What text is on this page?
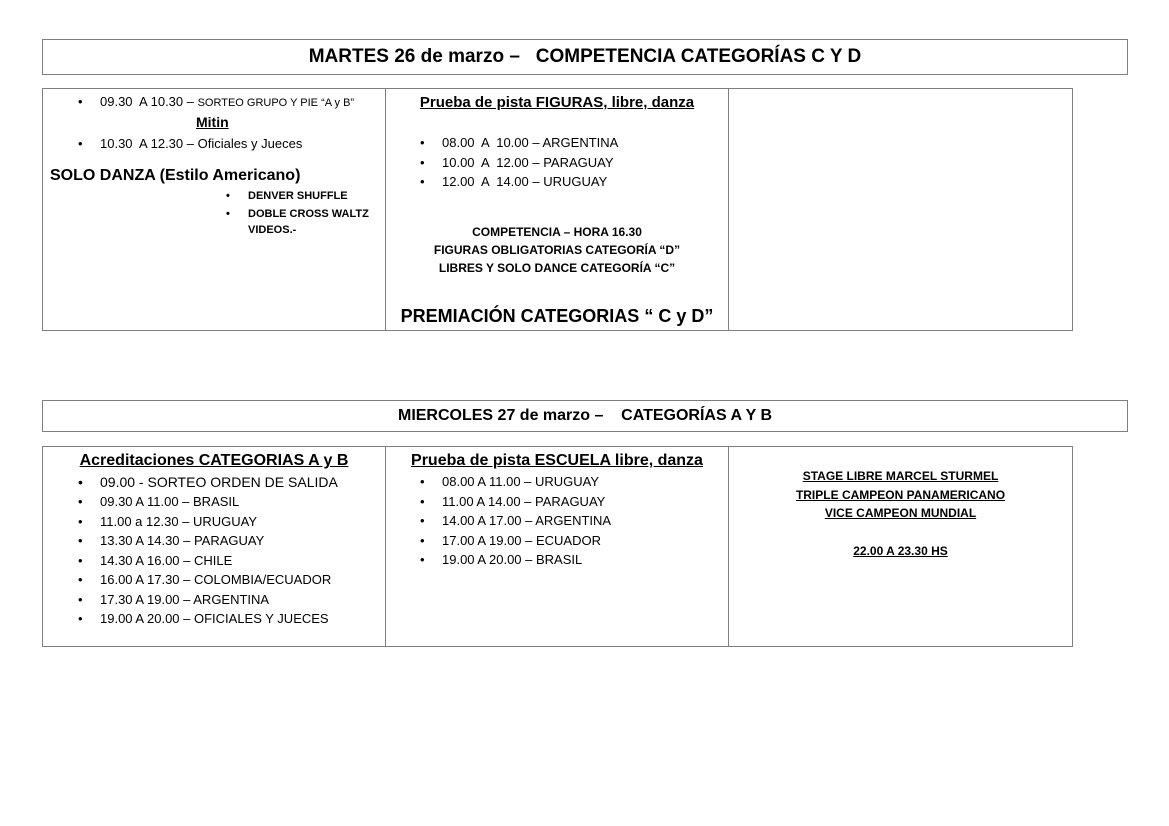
MARTES 26 de marzo –   COMPETENCIA CATEGORÍAS C Y D
• 09.30  A 10.30 – SORTEO GRUPO Y PIE “A y B”
Mitin
• 10.30  A 12.30 – Oficiales y Jueces
SOLO DANZA (Estilo Americano)
• DENVER SHUFFLE
• DOBLE CROSS WALTZ
VIDEOS.-

Prueba de pista FIGURAS, libre, danza
• 08.00  A  10.00 – ARGENTINA
• 10.00  A  12.00 – PARAGUAY
• 12.00  A  14.00 – URUGUAY
COMPETENCIA – HORA 16.30
FIGURAS OBLIGATORIAS CATEGORÍA “D”
LIBRES Y SOLO DANCE CATEGORÍA “C”
PREMIACIÓN CATEGORIAS “ C y D”

MIERCOLES 27 de marzo –    CATEGORÍAS A Y B
Acreditaciones CATEGORIAS A y B
• 09.00 - SORTEO ORDEN DE SALIDA
• 09.30 A 11.00 – BRASIL
• 11.00 a 12.30 – URUGUAY
• 13.30 A 14.30 – PARAGUAY
• 14.30 A 16.00 – CHILE
• 16.00 A 17.30 – COLOMBIA/ECUADOR
• 17.30 A 19.00 – ARGENTINA
• 19.00 A 20.00 – OFICIALES Y JUECES

Prueba de pista ESCUELA libre, danza
• 08.00 A 11.00 – URUGUAY
• 11.00 A 14.00 – PARAGUAY
• 14.00 A 17.00 – ARGENTINA
• 17.00 A 19.00 – ECUADOR
• 19.00 A 20.00 – BRASIL

STAGE LIBRE MARCEL STURMEL
TRIPLE CAMPEON PANAMERICANO
VICE CAMPEON MUNDIAL
22.00 A 23.30 HS
